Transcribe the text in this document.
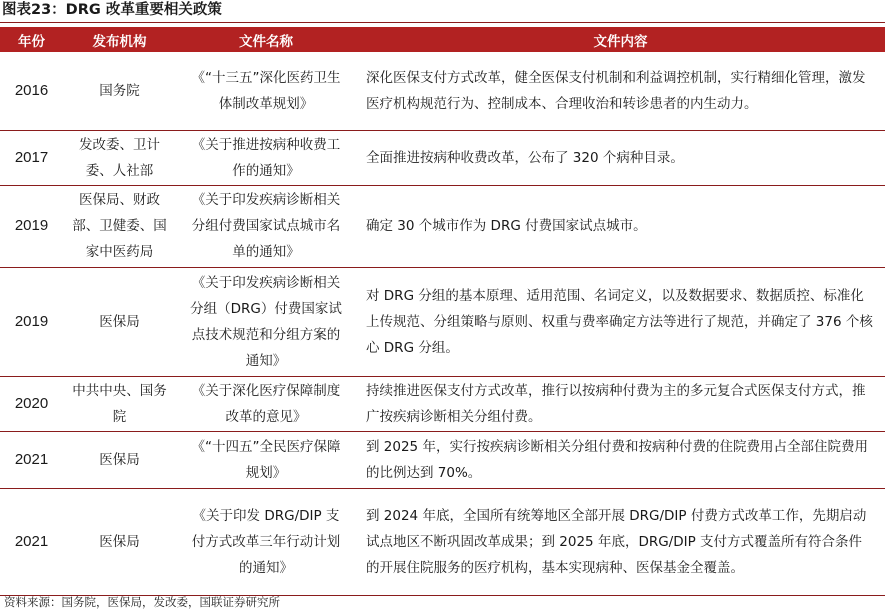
图表23：DRG 改革重要相关政策
年份	发布机构	文件名称	文件内容
2016	国务院	《“十三五”深化医药卫生体制改革规划》	深化医保支付方式改革，健全医保支付机制和利益调控机制，实行精细化管理，激发医疗机构规范行为、控制成本、合理收治和转诊患者的内生动力。
2017	发改委、卫计委、人社部	《关于推进按病种收费工作的通知》	全面推进按病种收费改革，公布了 320 个病种目录。
2019	医保局、财政部、卫健委、国家中医药局	《关于印发疾病诊断相关分组付费国家试点城市名单的通知》	确定 30 个城市作为 DRG 付费国家试点城市。
2019	医保局	《关于印发疾病诊断相关分组（DRG）付费国家试点技术规范和分组方案的通知》	对 DRG 分组的基本原理、适用范围、名词定义，以及数据要求、数据质控、标准化上传规范、分组策略与原则、权重与费率确定方法等进行了规范，并确定了 376 个核心 DRG 分组。
2020	中共中央、国务院	《关于深化医疗保障制度改革的意见》	持续推进医保支付方式改革，推行以按病种付费为主的多元复合式医保支付方式，推广按疾病诊断相关分组付费。
2021	医保局	《“十四五”全民医疗保障规划》	到 2025 年，实行按疾病诊断相关分组付费和按病种付费的住院费用占全部住院费用的比例达到 70%。
2021	医保局	《关于印发 DRG/DIP 支付方式改革三年行动计划的通知》	到 2024 年底，全国所有统筹地区全部开展 DRG/DIP 付费方式改革工作，先期启动试点地区不断巩固改革成果；到 2025 年底，DRG/DIP 支付方式覆盖所有符合条件的开展住院服务的医疗机构，基本实现病种、医保基金全覆盖。
资料来源：国务院，医保局，发改委，国联证券研究所
